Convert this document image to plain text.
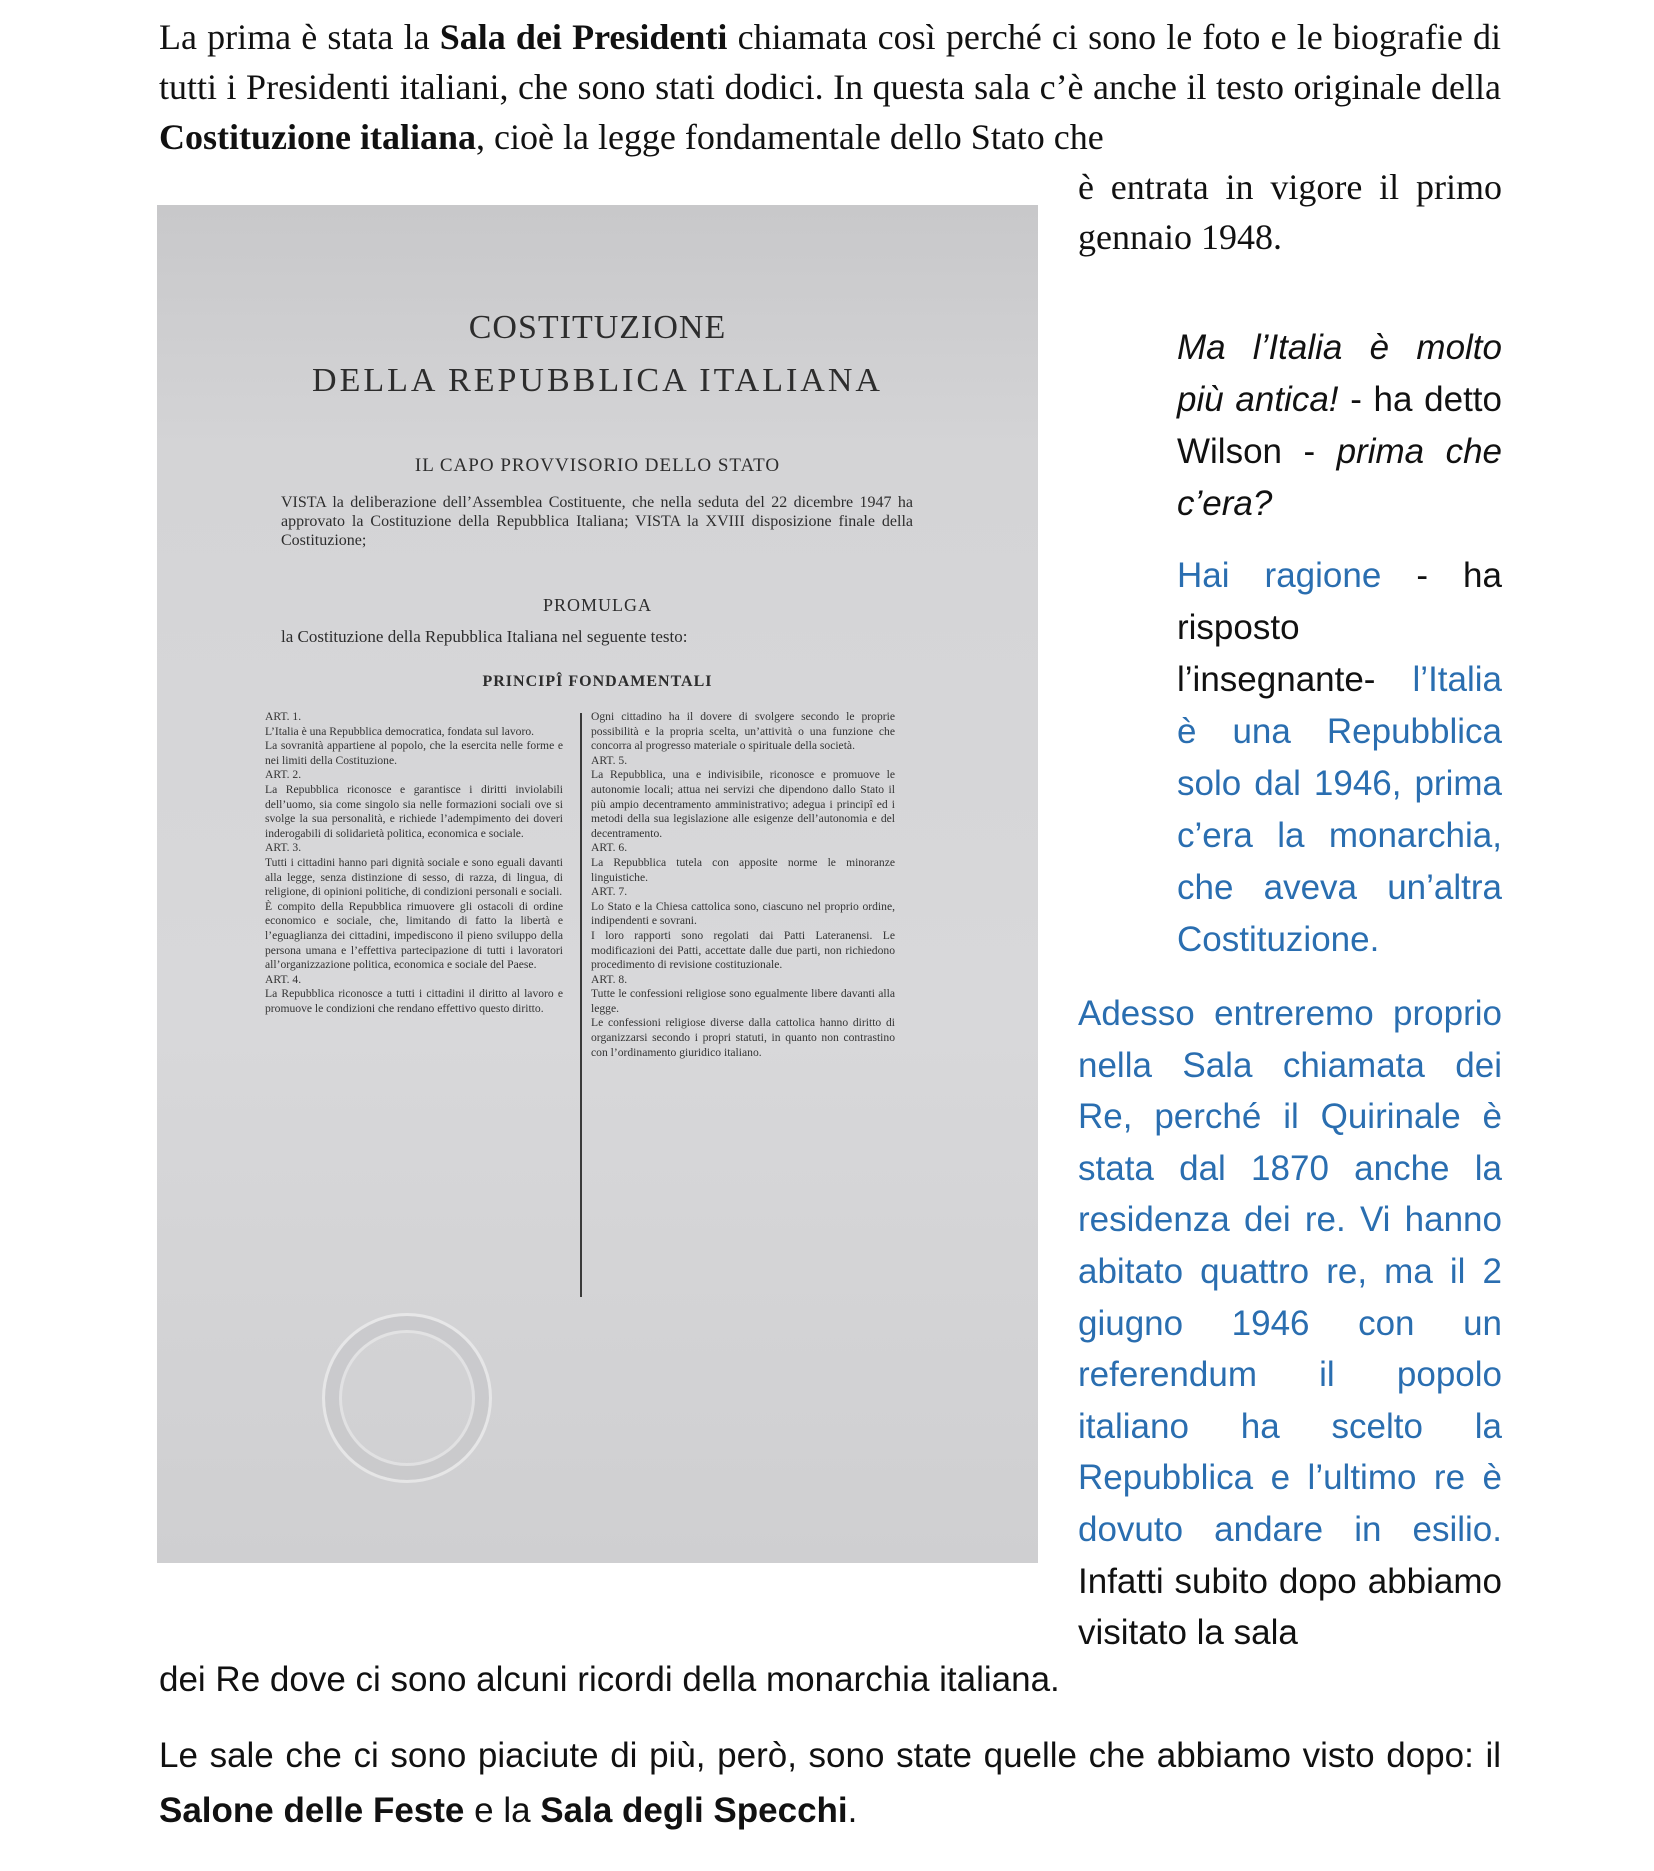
La prima è stata la Sala dei Presidenti chiamata così perché ci sono le foto e le biografie di tutti i Presidenti italiani, che sono stati dodici. In questa sala c’è anche il testo originale della Costituzione italiana, cioè la legge fondamentale dello Stato che

è entrata in vigore il primo gennaio 1948.

COSTITUZIONE
DELLA REPUBBLICA ITALIANA
IL CAPO PROVVISORIO DELLO STATO
VISTA la deliberazione dell’Assemblea Costituente, che nella seduta del 22 dicembre 1947 ha approvato la Costituzione della Repubblica Italiana; VISTA la XVIII disposizione finale della Costituzione;
PROMULGA
la Costituzione della Repubblica Italiana nel seguente testo:
PRINCIPÎ FONDAMENTALI
ART. 1.
L’Italia è una Repubblica democratica, fondata sul lavoro.
La sovranità appartiene al popolo, che la esercita nelle forme e nei limiti della Costituzione.
ART. 2.
La Repubblica riconosce e garantisce i diritti inviolabili dell’uomo, sia come singolo sia nelle formazioni sociali ove si svolge la sua personalità, e richiede l’adempimento dei doveri inderogabili di solidarietà politica, economica e sociale.
ART. 3.
Tutti i cittadini hanno pari dignità sociale e sono eguali davanti alla legge, senza distinzione di sesso, di razza, di lingua, di religione, di opinioni politiche, di condizioni personali e sociali.
È compito della Repubblica rimuovere gli ostacoli di ordine economico e sociale, che, limitando di fatto la libertà e l’eguaglianza dei cittadini, impediscono il pieno sviluppo della persona umana e l’effettiva partecipazione di tutti i lavoratori all’organizzazione politica, economica e sociale del Paese.
ART. 4.
La Repubblica riconosce a tutti i cittadini il diritto al lavoro e promuove le condizioni che rendano effettivo questo diritto.
Ogni cittadino ha il dovere di svolgere secondo le proprie possibilità e la propria scelta, un’attività o una funzione che concorra al progresso materiale o spirituale della società.
ART. 5.
La Repubblica, una e indivisibile, riconosce e promuove le autonomie locali; attua nei servizi che dipendono dallo Stato il più ampio decentramento amministrativo; adegua i principî ed i metodi della sua legislazione alle esigenze dell’autonomia e del decentramento.
ART. 6.
La Repubblica tutela con apposite norme le minoranze linguistiche.
ART. 7.
Lo Stato e la Chiesa cattolica sono, ciascuno nel proprio ordine, indipendenti e sovrani.
I loro rapporti sono regolati dai Patti Lateranensi. Le modificazioni dei Patti, accettate dalle due parti, non richiedono procedimento di revisione costituzionale.
ART. 8.
Tutte le confessioni religiose sono egualmente libere davanti alla legge.
Le confessioni religiose diverse dalla cattolica hanno diritto di organizzarsi secondo i propri statuti, in quanto non contrastino con l’ordinamento giuridico italiano.

Ma l’Italia è molto più antica! - ha detto Wilson - prima che c’era?

Hai ragione - ha risposto l’insegnante- l’Italia è una Repubblica solo dal 1946, prima c’era la monarchia, che aveva un’altra Costituzione.

Adesso entreremo proprio nella Sala chiamata dei Re, perché il Quirinale è stata dal 1870 anche la residenza dei re. Vi hanno abitato quattro re, ma il 2 giugno 1946 con un referendum il popolo italiano ha scelto la Repubblica e l’ultimo re è dovuto andare in esilio. Infatti subito dopo abbiamo visitato la sala

dei Re dove ci sono alcuni ricordi della monarchia italiana.

Le sale che ci sono piaciute di più, però, sono state quelle che abbiamo visto dopo: il Salone delle Feste e la Sala degli Specchi.
